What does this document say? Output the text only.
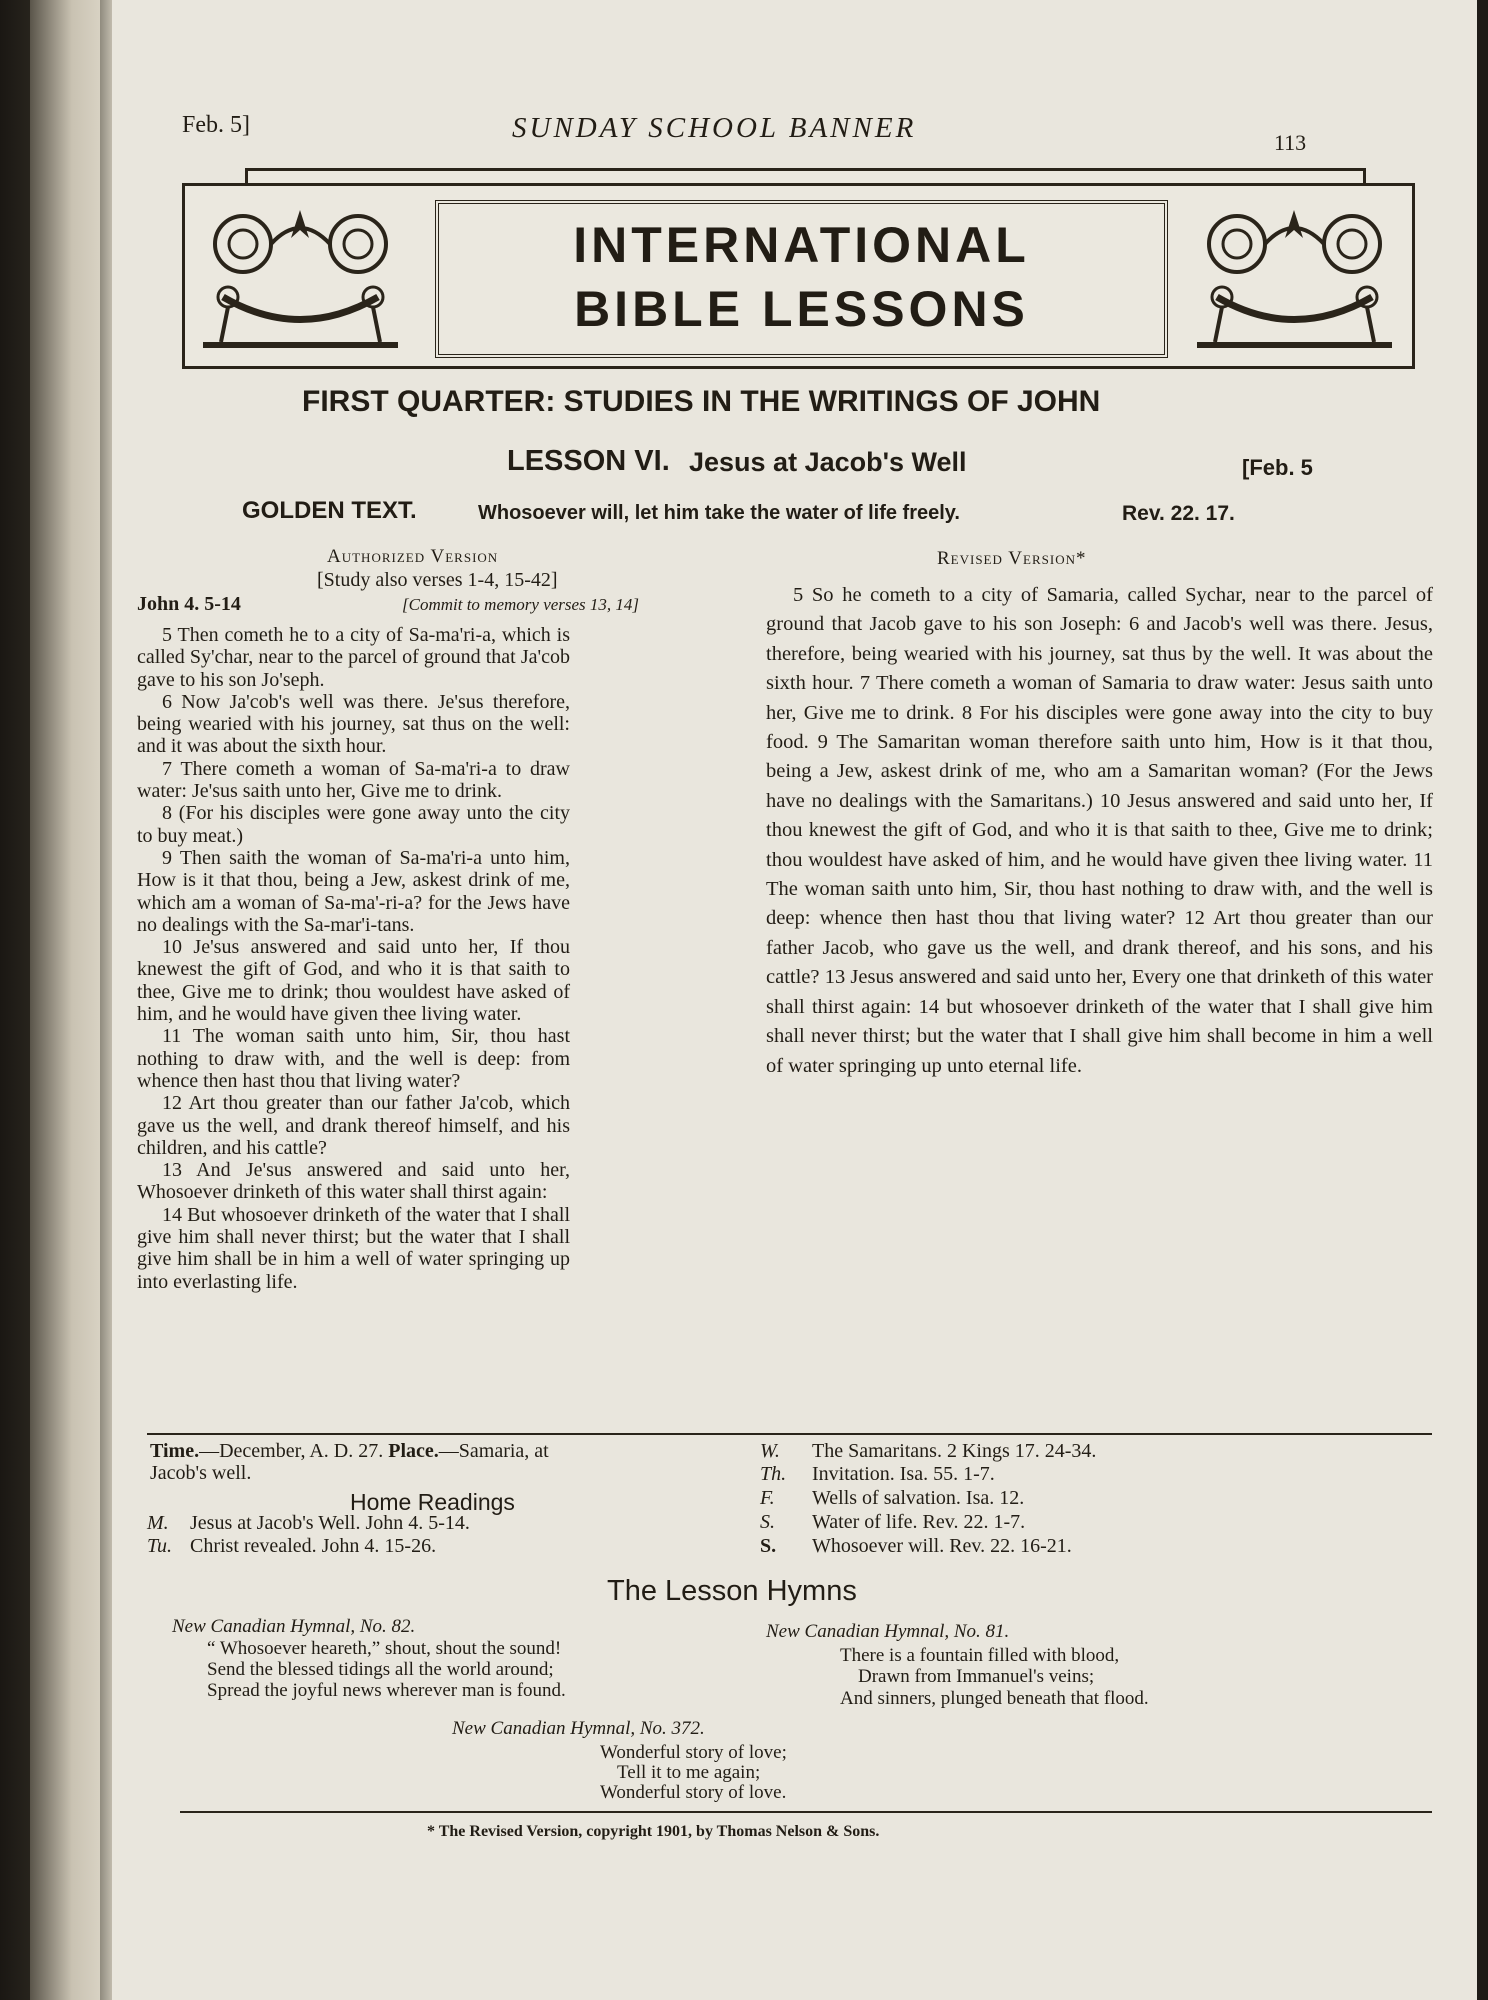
Feb. 5]	SUNDAY SCHOOL BANNER	113
INTERNATIONAL
BIBLE LESSONS
FIRST QUARTER: STUDIES IN THE WRITINGS OF JOHN
LESSON VI. Jesus at Jacob's Well	[Feb. 5
GOLDEN TEXT.	Whosoever will, let him take the water of life freely.	Rev. 22. 17.
Authorized Version
[Study also verses 1-4, 15-42]
John 4. 5-14	[Commit to memory verses 13, 14]

5 Then cometh he to a city of Sa-ma'ri-a, which is called Sy'char, near to the parcel of ground that Ja'cob gave to his son Jo'seph.

6 Now Ja'cob's well was there. Je'sus therefore, being wearied with his journey, sat thus on the well: and it was about the sixth hour.

7 There cometh a woman of Sa-ma'ri-a to draw water: Je'sus saith unto her, Give me to drink.

8 (For his disciples were gone away unto the city to buy meat.)

9 Then saith the woman of Sa-ma'ri-a unto him, How is it that thou, being a Jew, askest drink of me, which am a woman of Sa-ma'-ri-a? for the Jews have no dealings with the Sa-mar'i-tans.

10 Je'sus answered and said unto her, If thou knewest the gift of God, and who it is that saith to thee, Give me to drink; thou wouldest have asked of him, and he would have given thee living water.

11 The woman saith unto him, Sir, thou hast nothing to draw with, and the well is deep: from whence then hast thou that living water?

12 Art thou greater than our father Ja'cob, which gave us the well, and drank thereof himself, and his children, and his cattle?

13 And Je'sus answered and said unto her, Whosoever drinketh of this water shall thirst again:

14 But whosoever drinketh of the water that I shall give him shall never thirst; but the water that I shall give him shall be in him a well of water springing up into everlasting life.

Revised Version*
5 So he cometh to a city of Samaria, called Sychar, near to the parcel of ground that Jacob gave to his son Joseph: 6 and Jacob's well was there. Jesus, therefore, being wearied with his journey, sat thus by the well. It was about the sixth hour. 7 There cometh a woman of Samaria to draw water: Jesus saith unto her, Give me to drink. 8 For his disciples were gone away into the city to buy food. 9 The Samaritan woman therefore saith unto him, How is it that thou, being a Jew, askest drink of me, who am a Samaritan woman? (For the Jews have no dealings with the Samaritans.) 10 Jesus answered and said unto her, If thou knewest the gift of God, and who it is that saith to thee, Give me to drink; thou wouldest have asked of him, and he would have given thee living water. 11 The woman saith unto him, Sir, thou hast nothing to draw with, and the well is deep: whence then hast thou that living water? 12 Art thou greater than our father Jacob, who gave us the well, and drank thereof, and his sons, and his cattle? 13 Jesus answered and said unto her, Every one that drinketh of this water shall thirst again: 14 but whosoever drinketh of the water that I shall give him shall never thirst; but the water that I shall give him shall become in him a well of water springing up unto eternal life.
Time.—December, A. D. 27. Place.—Samaria, at Jacob's well.
Home Readings
M. Jesus at Jacob's Well. John 4. 5-14.
Tu. Christ revealed. John 4. 15-26.
W. The Samaritans. 2 Kings 17. 24-34.
Th. Invitation. Isa. 55. 1-7.
F. Wells of salvation. Isa. 12.
S. Water of life. Rev. 22. 1-7.
S. Whosoever will. Rev. 22. 16-21.
The Lesson Hymns
New Canadian Hymnal, No. 82.
“ Whosoever heareth,” shout, shout the sound!
Send the blessed tidings all the world around;
Spread the joyful news wherever man is found.
New Canadian Hymnal, No. 81.
There is a fountain filled with blood,
Drawn from Immanuel's veins;
And sinners, plunged beneath that flood.
New Canadian Hymnal, No. 372.
Wonderful story of love;
Tell it to me again;
Wonderful story of love.
* The Revised Version, copyright 1901, by Thomas Nelson & Sons.
